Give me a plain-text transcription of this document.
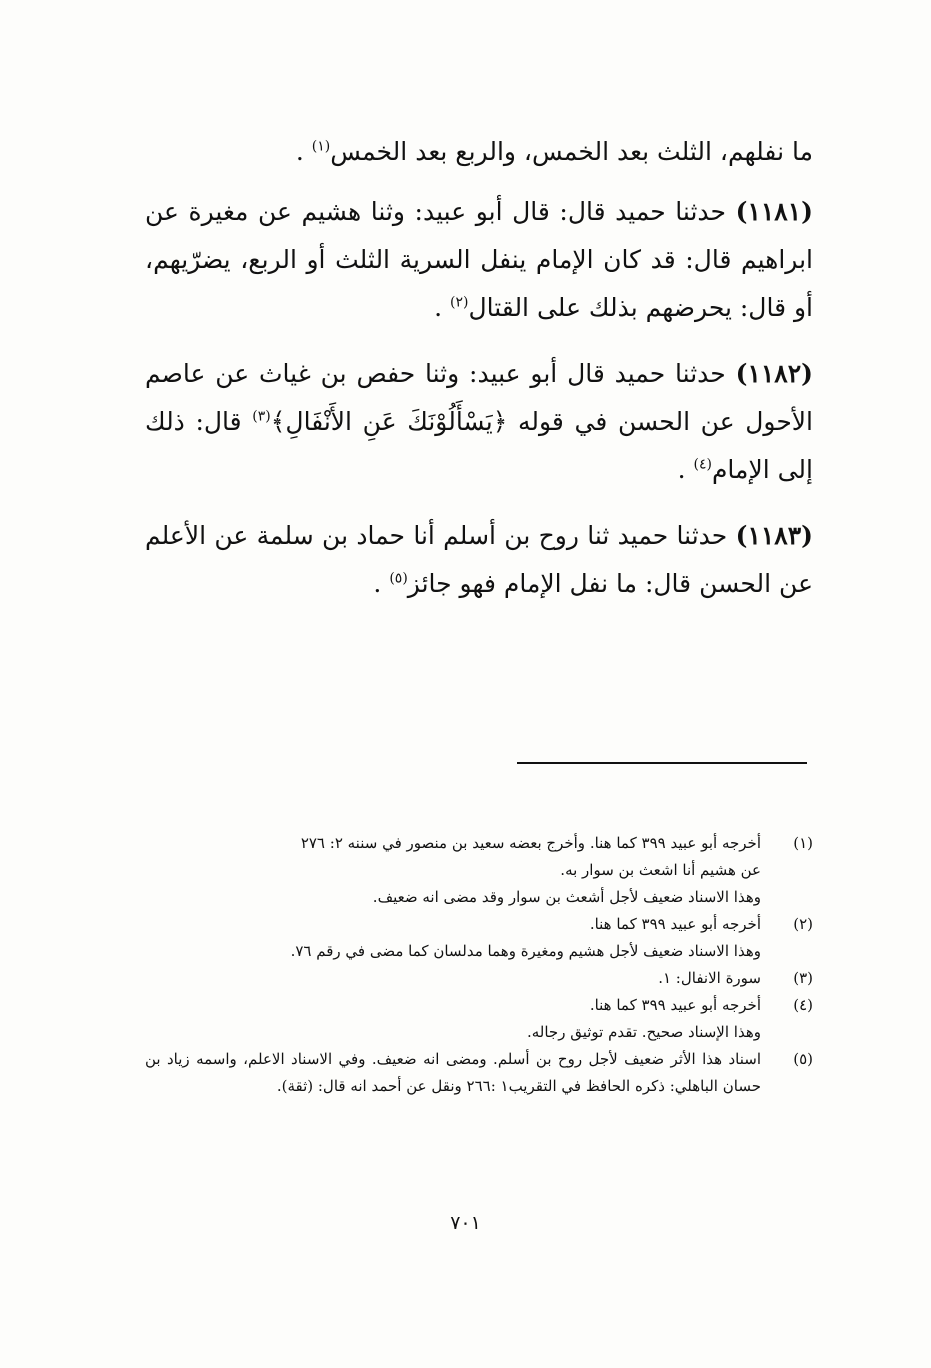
ما نفلهم، الثلث بعد الخمس، والربع بعد الخمس$^{(١)}$ .

(١١٨١) حدثنا حميد قال: قال أبو عبيد: وثنا هشيم عن مغيرة عن ابراهيم قال: قد كان الإمام ينفل السرية الثلث أو الربع، يضرّيهم، أو قال: يحرضهم بذلك على القتال$^{(٢)}$ .

(١١٨٢) حدثنا حميد قال أبو عبيد: وثنا حفص بن غياث عن عاصم الأحول عن الحسن في قوله ﴿يَسْأَلُوْنَكَ عَنِ الأَنْفَالِ﴾$^{(٣)}$ قال: ذلك إلى الإمام$^{(٤)}$ .

(١١٨٣) حدثنا حميد ثنا روح بن أسلم أنا حماد بن سلمة عن الأعلم عن الحسن قال: ما نفل الإمام فهو جائز$^{(٥)}$ .

(١)
أخرجه أبو عبيد ٣٩٩ كما هنا. وأخرج بعضه سعيد بن منصور في سننه ٢: ٢٧٦
عن هشيم أنا اشعث بن سوار به.
وهذا الاسناد ضعيف لأجل أشعث بن سوار وقد مضى انه ضعيف.
(٢)
أخرجه أبو عبيد ٣٩٩ كما هنا.
وهذا الاسناد ضعيف لأجل هشيم ومغيرة وهما مدلسان كما مضى في رقم ٧٦.
(٣)
سورة الانفال: ١.
(٤)
أخرجه أبو عبيد ٣٩٩ كما هنا.
وهذا الإسناد صحيح. تقدم توثيق رجاله.
(٥)
اسناد هذا الأثر ضعيف لأجل روح بن أسلم. ومضى انه ضعيف. وفي الاسناد الاعلم، واسمه زياد بن حسان الباهلي: ذكره الحافظ في التقريب١ :٢٦٦ ونقل عن أحمد انه قال: (ثقة).
٧٠١
